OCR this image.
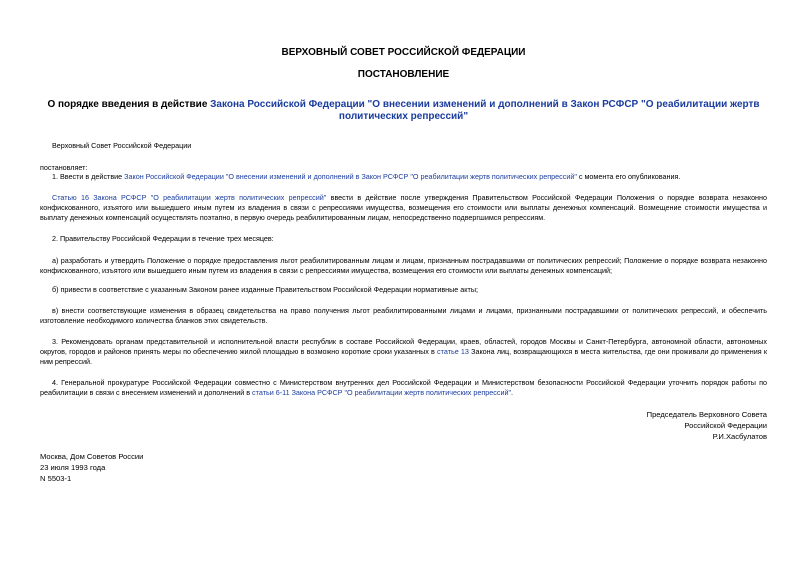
ВЕРХОВНЫЙ СОВЕТ РОССИЙСКОЙ ФЕДЕРАЦИИ
ПОСТАНОВЛЕНИЕ
О порядке введения в действие Закона Российской Федерации "О внесении изменений и дополнений в Закон РСФСР "О реабилитации жертв политических репрессий"
Верховный Совет Российской Федерации
постановляет:
1. Ввести в действие Закон Российской Федерации "О внесении изменений и дополнений в Закон РСФСР "О реабилитации жертв политических репрессий" с момента его опубликования.
Статью 16 Закона РСФСР "О реабилитации жертв политических репрессий" ввести в действие после утверждения Правительством Российской Федерации Положения о порядке возврата незаконно конфискованного, изъятого или вышедшего иным путем из владения в связи с репрессиями имущества, возмещения его стоимости или выплаты денежных компенсаций. Возмещение стоимости имущества и выплату денежных компенсаций осуществлять поэтапно, в первую очередь реабилитированным лицам, непосредственно подвергшимся репрессиям.
2. Правительству Российской Федерации в течение трех месяцев:
а) разработать и утвердить Положение о порядке предоставления льгот реабилитированным лицам и лицам, признанным пострадавшими от политических репрессий; Положение о порядке возврата незаконно конфискованного, изъятого или вышедшего иным путем из владения в связи с репрессиями имущества, возмещения его стоимости или выплаты денежных компенсаций;
б) привести в соответствие с указанным Законом ранее изданные Правительством Российской Федерации нормативные акты;
в) внести соответствующие изменения в образец свидетельства на право получения льгот реабилитированными лицами и лицами, признанными пострадавшими от политических репрессий, и обеспечить изготовление необходимого количества бланков этих свидетельств.
3. Рекомендовать органам представительной и исполнительной власти республик в составе Российской Федерации, краев, областей, городов Москвы и Санкт-Петербурга, автономной области, автономных округов, городов и районов принять меры по обеспечению жилой площадью в возможно короткие сроки указанных в статье 13 Закона лиц, возвращающихся в места жительства, где они проживали до применения к ним репрессий.
4. Генеральной прокуратуре Российской Федерации совместно с Министерством внутренних дел Российской Федерации и Министерством безопасности Российской Федерации уточнить порядок работы по реабилитации в связи с внесением изменений и дополнений в статьи 6-11 Закона РСФСР "О реабилитации жертв политических репрессий".
Председатель Верховного Совета
Российской Федерации
Р.И.Хасбулатов
Москва, Дом Советов России
23 июля 1993 года
N 5503-1
